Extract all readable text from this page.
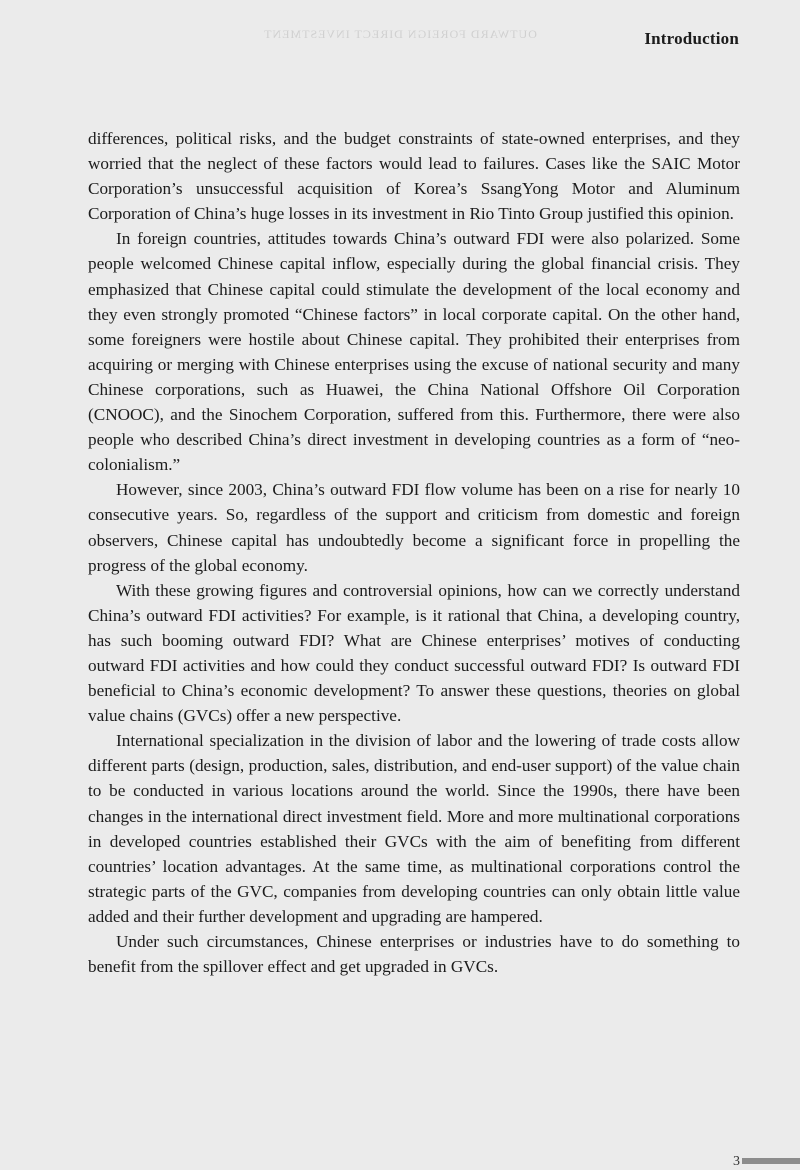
OUTWARD FOREIGN DIRECT INVESTMENT	Introduction

differences, political risks, and the budget constraints of state-owned enterprises, and they worried that the neglect of these factors would lead to failures. Cases like the SAIC Motor Corporation’s unsuccessful acquisition of Korea’s SsangYong Motor and Aluminum Corporation of China’s huge losses in its investment in Rio Tinto Group justified this opinion.

In foreign countries, attitudes towards China’s outward FDI were also polarized. Some people welcomed Chinese capital inflow, especially during the global financial crisis. They emphasized that Chinese capital could stimulate the development of the local economy and they even strongly promoted “Chinese factors” in local corporate capital. On the other hand, some foreigners were hostile about Chinese capital. They prohibited their enterprises from acquiring or merging with Chinese enterprises using the excuse of national security and many Chinese corporations, such as Huawei, the China National Offshore Oil Corporation (CNOOC), and the Sinochem Corporation, suffered from this. Furthermore, there were also people who described China’s direct investment in developing countries as a form of “neo-colonialism.”

However, since 2003, China’s outward FDI flow volume has been on a rise for nearly 10 consecutive years. So, regardless of the support and criticism from domestic and foreign observers, Chinese capital has undoubtedly become a significant force in propelling the progress of the global economy.

With these growing figures and controversial opinions, how can we correctly understand China’s outward FDI activities? For example, is it rational that China, a developing country, has such booming outward FDI? What are Chinese enterprises’ motives of conducting outward FDI activities and how could they conduct successful outward FDI? Is outward FDI beneficial to China’s economic development? To answer these questions, theories on global value chains (GVCs) offer a new perspective.

International specialization in the division of labor and the lowering of trade costs allow different parts (design, production, sales, distribution, and end-user support) of the value chain to be conducted in various locations around the world. Since the 1990s, there have been changes in the international direct investment field. More and more multinational corporations in developed countries established their GVCs with the aim of benefiting from different countries’ location advantages. At the same time, as multinational corporations control the strategic parts of the GVC, companies from developing countries can only obtain little value added and their further development and upgrading are hampered.

Under such circumstances, Chinese enterprises or industries have to do something to benefit from the spillover effect and get upgraded in GVCs.

3
